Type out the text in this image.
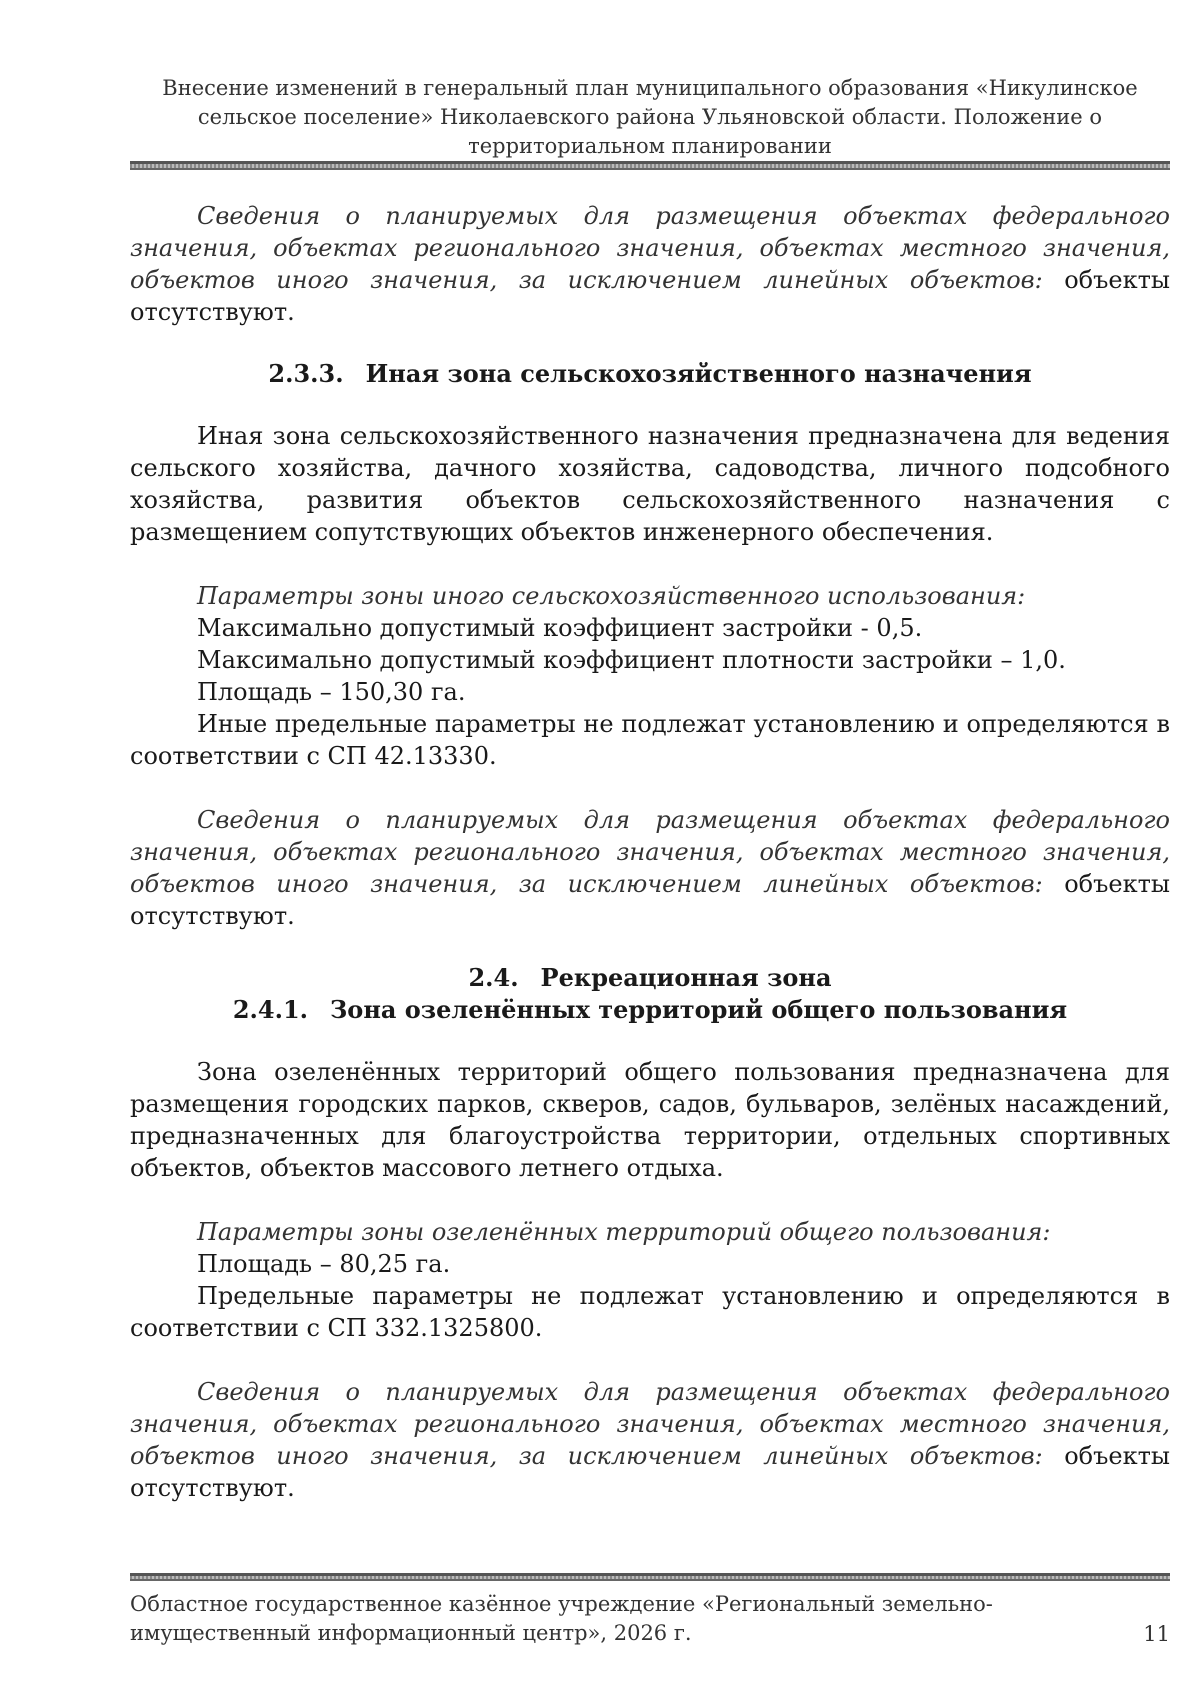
Внесение изменений в генеральный план муниципального образования «Никулинское сельское поселение» Николаевского района Ульяновской области. Положение о территориальном планировании

Сведения о планируемых для размещения объектах федерального значения, объектах регионального значения, объектах местного значения, объектов иного значения, за исключением линейных объектов: объекты отсутствуют.

2.3.3. Иная зона сельскохозяйственного назначения

Иная зона сельскохозяйственного назначения предназначена для ведения сельского хозяйства, дачного хозяйства, садоводства, личного подсобного хозяйства, развития объектов сельскохозяйственного назначения с размещением сопутствующих объектов инженерного обеспечения.

Параметры зоны иного сельскохозяйственного использования:

Максимально допустимый коэффициент застройки - 0,5.

Максимально допустимый коэффициент плотности застройки – 1,0.

Площадь – 150,30 га.

Иные предельные параметры не подлежат установлению и определяются в соответствии с СП 42.13330.

Сведения о планируемых для размещения объектах федерального значения, объектах регионального значения, объектах местного значения, объектов иного значения, за исключением линейных объектов: объекты отсутствуют.

2.4. Рекреационная зона

2.4.1. Зона озеленённых территорий общего пользования

Зона озеленённых территорий общего пользования предназначена для размещения городских парков, скверов, садов, бульваров, зелёных насаждений, предназначенных для благоустройства территории, отдельных спортивных объектов, объектов массового летнего отдыха.

Параметры зоны озеленённых территорий общего пользования:

Площадь – 80,25 га.

Предельные параметры не подлежат установлению и определяются в соответствии с СП 332.1325800.

Сведения о планируемых для размещения объектах федерального значения, объектах регионального значения, объектах местного значения, объектов иного значения, за исключением линейных объектов: объекты отсутствуют.

Областное государственное казённое учреждение «Региональный земельно-имущественный информационный центр», 2026 г.	11
